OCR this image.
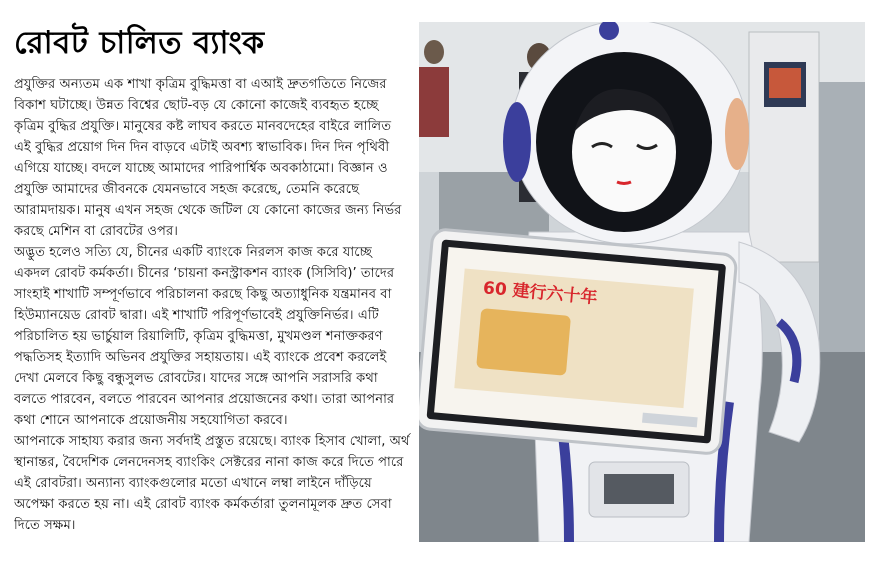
রোবট চালিত ব্যাংক

প্রযুক্তির অন্যতম এক শাখা কৃত্রিম বুদ্ধিমত্তা বা এআই দ্রুতগতিতে নিজের বিকাশ ঘটাচ্ছে। উন্নত বিশ্বের ছোট-বড় যে কোনো কাজেই ব্যবহৃত হচ্ছে কৃত্রিম বুদ্ধির প্রযুক্তি। মানুষের কষ্ট লাঘব করতে মানবদেহের বাইরে লালিত এই বুদ্ধির প্রয়োগ দিন দিন বাড়বে এটাই অবশ্য স্বাভাবিক। দিন দিন পৃথিবী এগিয়ে যাচ্ছে। বদলে যাচ্ছে আমাদের পারিপার্শ্বিক অবকাঠামো। বিজ্ঞান ও প্রযুক্তি আমাদের জীবনকে যেমনভাবে সহজ করেছে, তেমনি করেছে আরামদায়ক। মানুষ এখন সহজ থেকে জটিল যে কোনো কাজের জন্য নির্ভর করছে মেশিন বা রোবটের ওপর।

অদ্ভুত হলেও সত্যি যে, চীনের একটি ব্যাংকে নিরলস কাজ করে যাচ্ছে একদল রোবট কর্মকর্তা। চীনের ‘চায়না কনস্ট্রাকশন ব্যাংক (সিসিবি)’ তাদের সাংহাই শাখাটি সম্পূর্ণভাবে পরিচালনা করছে কিছু অত্যাধুনিক যন্ত্রমানব বা হিউম্যানয়েড রোবট দ্বারা। এই শাখাটি পরিপূর্ণভাবেই প্রযুক্তিনির্ভর। এটি পরিচালিত হয় ভার্চুয়াল রিয়ালিটি, কৃত্রিম বুদ্ধিমত্তা, মুখমণ্ডল শনাক্তকরণ পদ্ধতিসহ ইত্যাদি অভিনব প্রযুক্তির সহায়তায়। এই ব্যাংকে প্রবেশ করলেই দেখা মেলবে কিছু বন্ধুসুলভ রোবটের। যাদের সঙ্গে আপনি সরাসরি কথা বলতে পারবেন, বলতে পারবেন আপনার প্রয়োজনের কথা। তারা আপনার কথা শোনে আপনাকে প্রয়োজনীয় সহযোগিতা করবে।

আপনাকে সাহায্য করার জন্য সর্বদাই প্রস্তুত রয়েছে। ব্যাংক হিসাব খোলা, অর্থ স্থানান্তর, বৈদেশিক লেনদেনসহ ব্যাংকিং সেক্টরের নানা কাজ করে দিতে পারে এই রোবটরা। অন্যান্য ব্যাংকগুলোর মতো এখানে লম্বা লাইনে দাঁড়িয়ে অপেক্ষা করতে হয় না। এই রোবট ব্যাংক কর্মকর্তারা তুলনামূলক দ্রুত সেবা দিতে সক্ষম।

60 建行六十年
